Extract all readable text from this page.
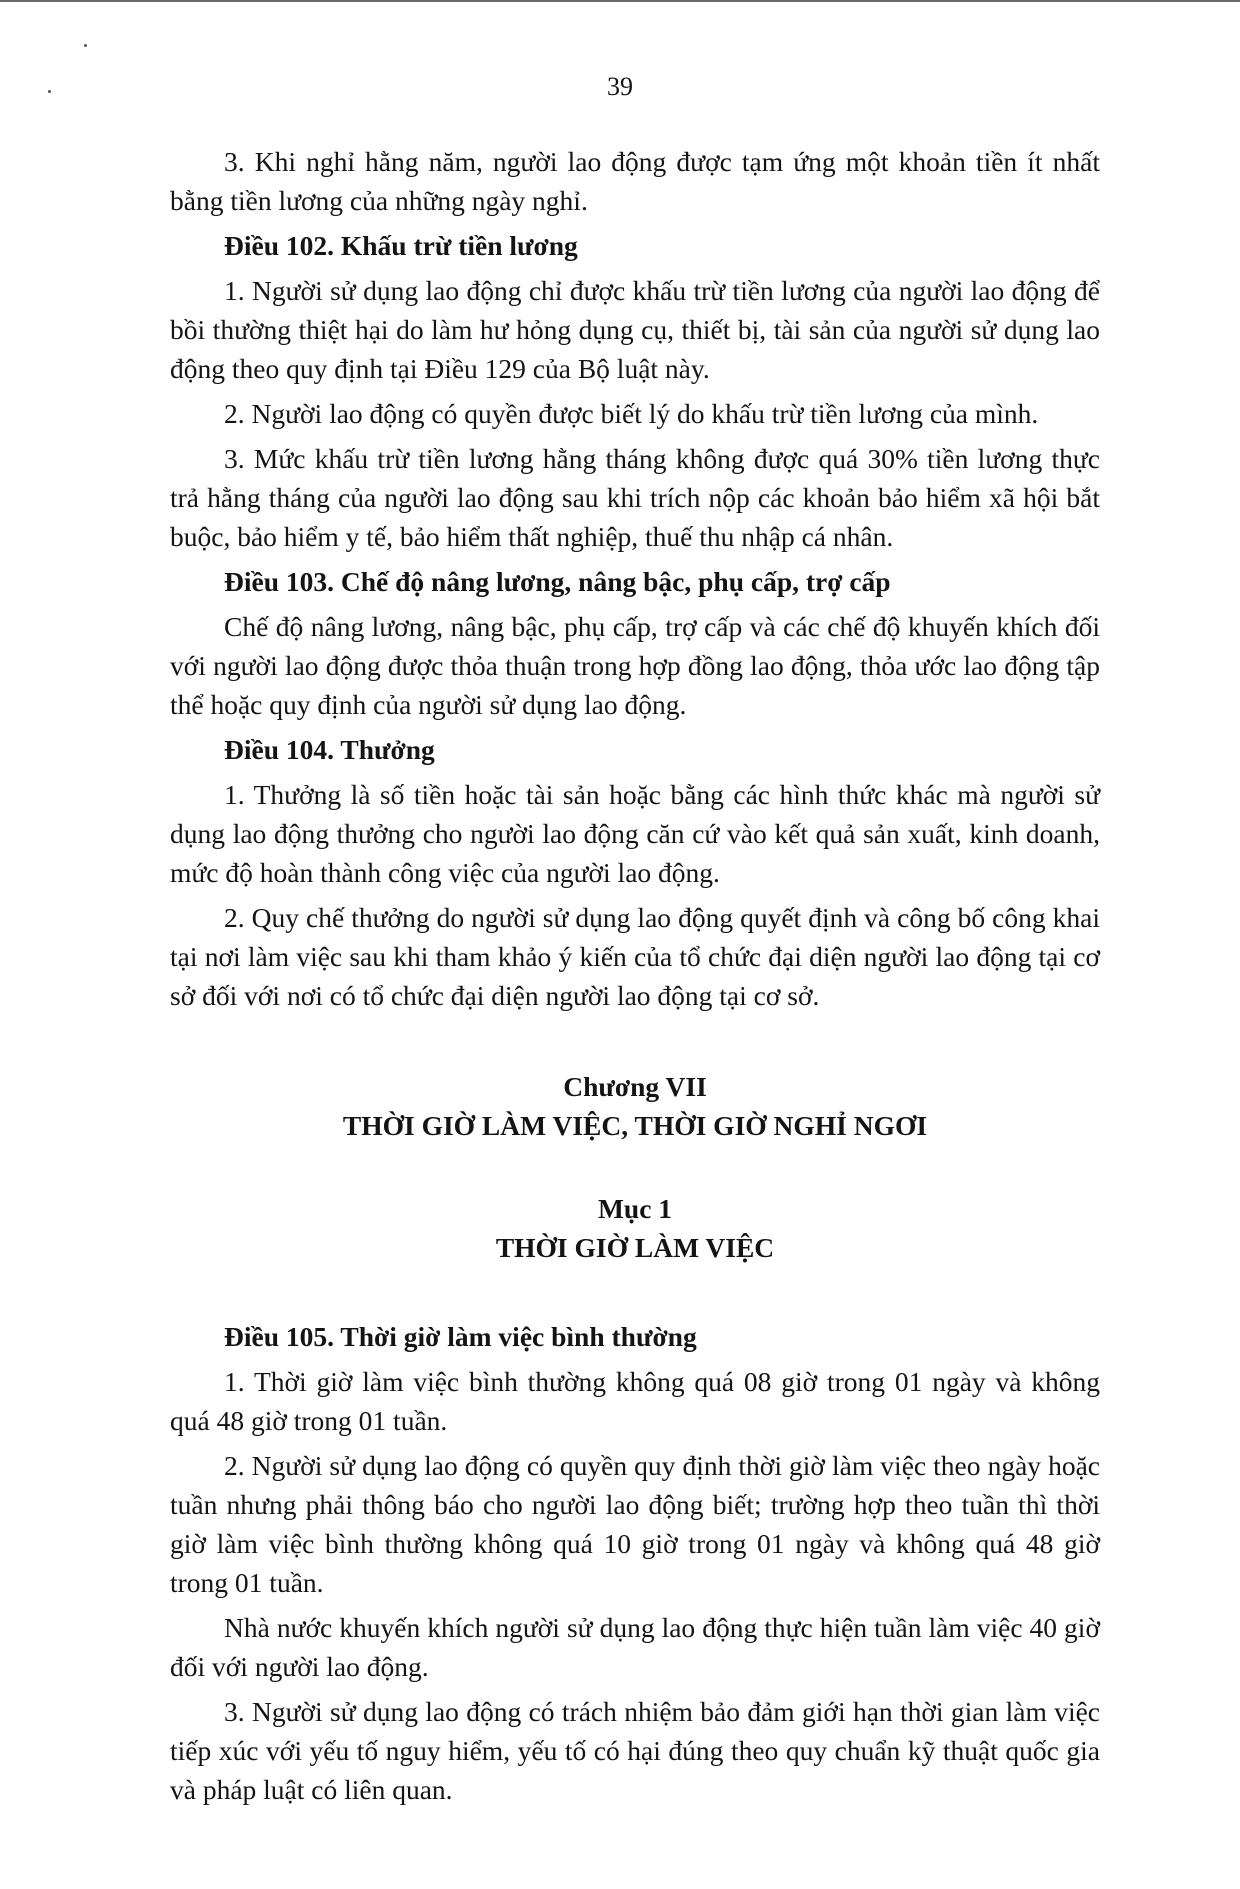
39

3. Khi nghỉ hằng năm, người lao động được tạm ứng một khoản tiền ít nhất bằng tiền lương của những ngày nghỉ.

Điều 102. Khấu trừ tiền lương

1. Người sử dụng lao động chỉ được khấu trừ tiền lương của người lao động để bồi thường thiệt hại do làm hư hỏng dụng cụ, thiết bị, tài sản của người sử dụng lao động theo quy định tại Điều 129 của Bộ luật này.

2. Người lao động có quyền được biết lý do khấu trừ tiền lương của mình.

3. Mức khấu trừ tiền lương hằng tháng không được quá 30% tiền lương thực trả hằng tháng của người lao động sau khi trích nộp các khoản bảo hiểm xã hội bắt buộc, bảo hiểm y tế, bảo hiểm thất nghiệp, thuế thu nhập cá nhân.

Điều 103. Chế độ nâng lương, nâng bậc, phụ cấp, trợ cấp

Chế độ nâng lương, nâng bậc, phụ cấp, trợ cấp và các chế độ khuyến khích đối với người lao động được thỏa thuận trong hợp đồng lao động, thỏa ước lao động tập thể hoặc quy định của người sử dụng lao động.

Điều 104. Thưởng

1. Thưởng là số tiền hoặc tài sản hoặc bằng các hình thức khác mà người sử dụng lao động thưởng cho người lao động căn cứ vào kết quả sản xuất, kinh doanh, mức độ hoàn thành công việc của người lao động.

2. Quy chế thưởng do người sử dụng lao động quyết định và công bố công khai tại nơi làm việc sau khi tham khảo ý kiến của tổ chức đại diện người lao động tại cơ sở đối với nơi có tổ chức đại diện người lao động tại cơ sở.

Chương VII

THỜI GIỜ LÀM VIỆC, THỜI GIỜ NGHỈ NGƠI

Mục 1

THỜI GIỜ LÀM VIỆC

Điều 105. Thời giờ làm việc bình thường

1. Thời giờ làm việc bình thường không quá 08 giờ trong 01 ngày và không quá 48 giờ trong 01 tuần.

2. Người sử dụng lao động có quyền quy định thời giờ làm việc theo ngày hoặc tuần nhưng phải thông báo cho người lao động biết; trường hợp theo tuần thì thời giờ làm việc bình thường không quá 10 giờ trong 01 ngày và không quá 48 giờ trong 01 tuần.

Nhà nước khuyến khích người sử dụng lao động thực hiện tuần làm việc 40 giờ đối với người lao động.

3. Người sử dụng lao động có trách nhiệm bảo đảm giới hạn thời gian làm việc tiếp xúc với yếu tố nguy hiểm, yếu tố có hại đúng theo quy chuẩn kỹ thuật quốc gia và pháp luật có liên quan.
